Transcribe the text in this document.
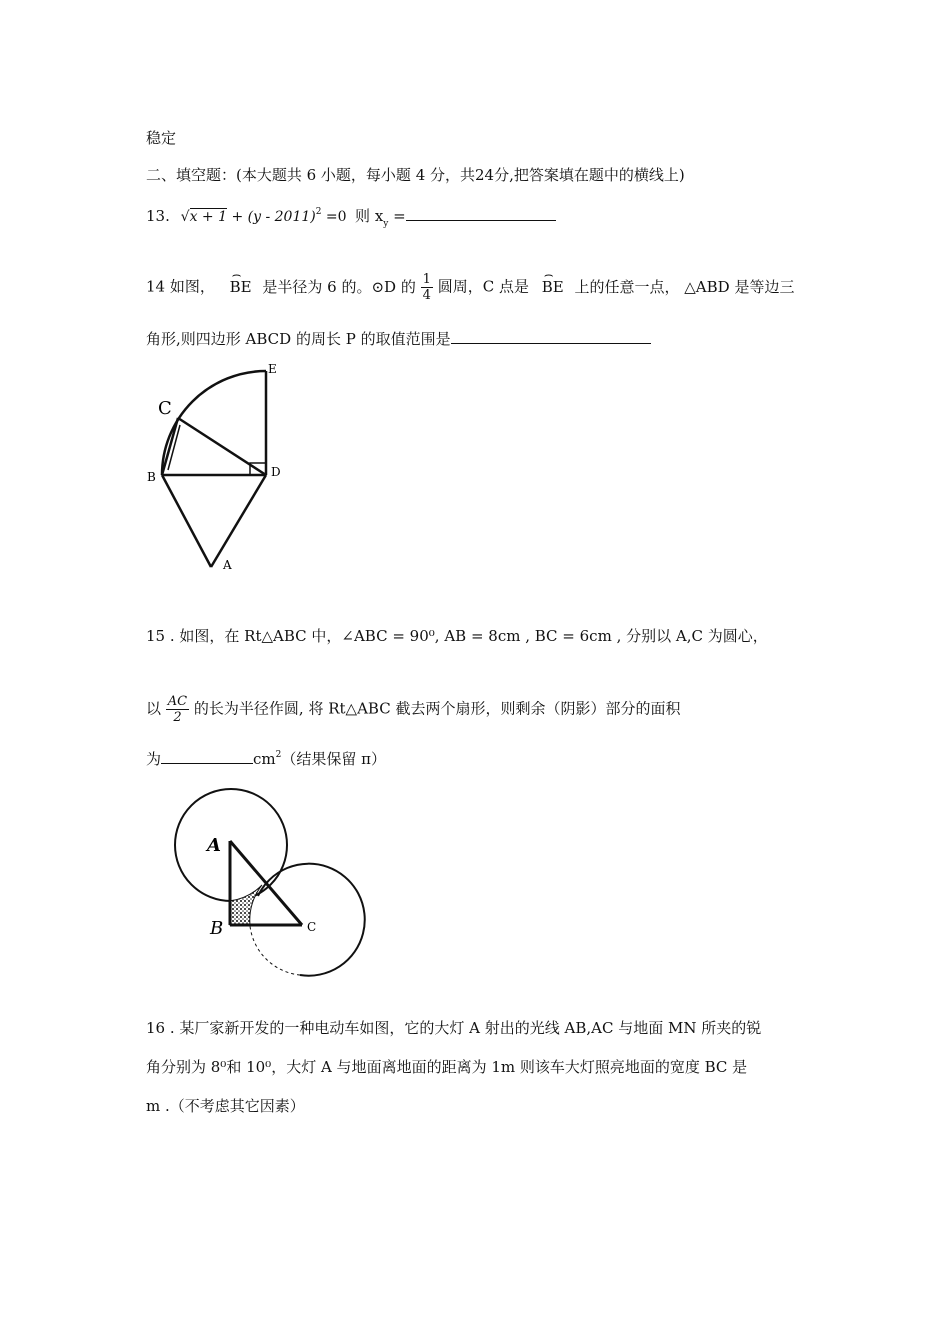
稳定
二、填空题：(本大题共 6 小题，每小题 4 分，共24分,把答案填在题中的横线上)
13. √x + 1 + (y - 2011)$^2$ =0 则 $x_y$ =
14 如图， ⌢ BE 是半径为 6 的。⊙D 的 $\frac{1}{4}$ 圆周，C 点是 ⌢ BE 上的任意一点， △ABD 是等边三
角形,则四边形 ABCD 的周长 P 的取值范围是
E
C
B	D
A
15 . 如图，在 Rt△ABC 中，∠ABC = 90⁰, AB = 8cm , BC = 6cm , 分别以 A,C 为圆心，
以 $\frac{AC}{2}$ 的长为半径作圆, 将 Rt△ABC 截去两个扇形，则剩余（阴影）部分的面积
为	$cm^2$（结果保留 π）
A
B	C
16 . 某厂家新开发的一种电动车如图，它的大灯 A 射出的光线 AB,AC 与地面 MN 所夹的锐
角分别为 8⁰和 10⁰，大灯 A 与地面离地面的距离为 1m 则该车大灯照亮地面的宽度 BC 是
m .（不考虑其它因素）
